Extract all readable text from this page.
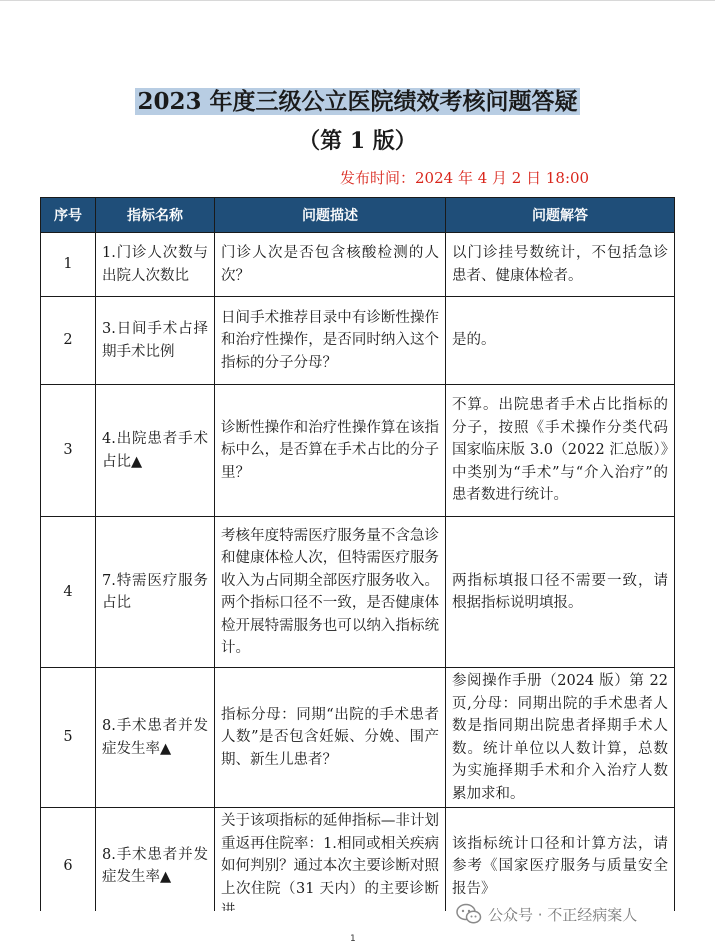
2023 年度三级公立医院绩效考核问题答疑
（第 1 版）
发布时间：2024 年 4 月 2 日 18:00
序号	指标名称	问题描述	问题解答
1	1.门诊人次数与出院人次数比	门诊人次是否包含核酸检测的人次？	以门诊挂号数统计，不包括急诊患者、健康体检者。
2	3.日间手术占择期手术比例	日间手术推荐目录中有诊断性操作和治疗性操作，是否同时纳入这个指标的分子分母？	是的。
3	4.出院患者手术占比▲	诊断性操作和治疗性操作算在该指标中么，是否算在手术占比的分子里？	不算。出院患者手术占比指标的分子，按照《手术操作分类代码 国家临床版 3.0（2022 汇总版）》中类别为“手术”与“介入治疗”的患者数进行统计。
4	7.特需医疗服务占比	考核年度特需医疗服务量不含急诊和健康体检人次，但特需医疗服务收入为占同期全部医疗服务收入。两个指标口径不一致，是否健康体检开展特需服务也可以纳入指标统计。	两指标填报口径不需要一致，请根据指标说明填报。
5	8.手术患者并发症发生率▲	指标分母：同期“出院的手术患者人数”是否包含妊娠、分娩、围产期、新生儿患者？	参阅操作手册（2024 版）第 22 页,分母：同期出院的手术患者人数是指同期出院患者择期手术人数。统计单位以人数计算，总数为实施择期手术和介入治疗人数累加求和。
6	8.手术患者并发症发生率▲	关于该项指标的延伸指标—非计划重返再住院率：1.相同或相关疾病如何判别？通过本次主要诊断对照上次住院（31 天内）的主要诊断	该指标统计口径和计算方法，请参考《国家医疗服务与质量安全报告》
1
公众号 · 不正经病案人
